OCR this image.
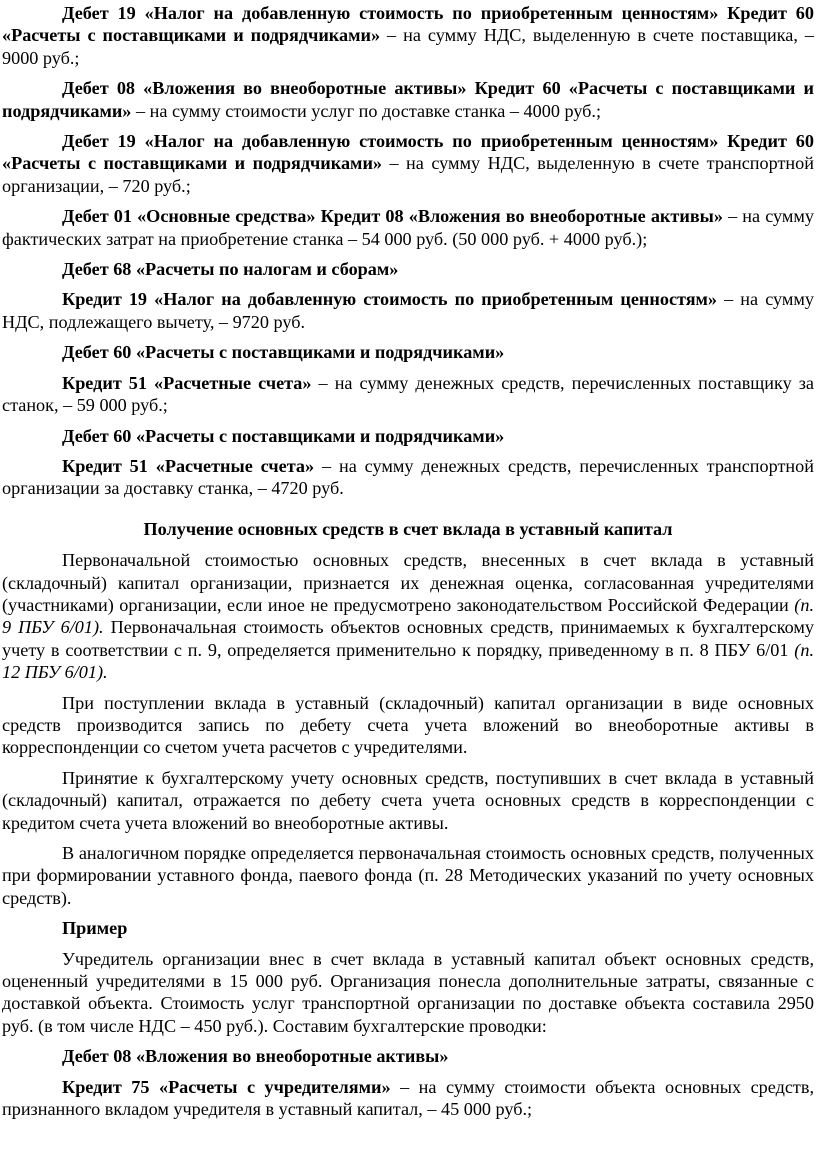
Дебет 19 «Налог на добавленную стоимость по приобретенным ценностям» Кредит 60 «Расчеты с поставщиками и подрядчиками» – на сумму НДС, выделенную в счете поставщика, – 9000 руб.;

Дебет 08 «Вложения во внеоборотные активы» Кредит 60 «Расчеты с поставщиками и подрядчиками» – на сумму стоимости услуг по доставке станка – 4000 руб.;

Дебет 19 «Налог на добавленную стоимость по приобретенным ценностям» Кредит 60 «Расчеты с поставщиками и подрядчиками» – на сумму НДС, выделенную в счете транспортной организации, – 720 руб.;

Дебет 01 «Основные средства» Кредит 08 «Вложения во внеоборотные активы» – на сумму фактических затрат на приобретение станка – 54 000 руб. (50 000 руб. + 4000 руб.);

Дебет 68 «Расчеты по налогам и сборам»

Кредит 19 «Налог на добавленную стоимость по приобретенным ценностям» – на сумму НДС, подлежащего вычету, – 9720 руб.

Дебет 60 «Расчеты с поставщиками и подрядчиками»

Кредит 51 «Расчетные счета» – на сумму денежных средств, перечисленных поставщику за станок, – 59 000 руб.;

Дебет 60 «Расчеты с поставщиками и подрядчиками»

Кредит 51 «Расчетные счета» – на сумму денежных средств, перечисленных транспортной организации за доставку станка, – 4720 руб.

Получение основных средств в счет вклада в уставный капитал

Первоначальной стоимостью основных средств, внесенных в счет вклада в уставный (складочный) капитал организации, признается их денежная оценка, согласованная учредителями (участниками) организации, если иное не предусмотрено законодательством Российской Федерации (п. 9 ПБУ 6/01). Первоначальная стоимость объектов основных средств, принимаемых к бухгалтерскому учету в соответствии с п. 9, определяется применительно к порядку, приведенному в п. 8 ПБУ 6/01 (п. 12 ПБУ 6/01).

При поступлении вклада в уставный (складочный) капитал организации в виде основных средств производится запись по дебету счета учета вложений во внеоборотные активы в корреспонденции со счетом учета расчетов с учредителями.

Принятие к бухгалтерскому учету основных средств, поступивших в счет вклада в уставный (складочный) капитал, отражается по дебету счета учета основных средств в корреспонденции с кредитом счета учета вложений во внеоборотные активы.

В аналогичном порядке определяется первоначальная стоимость основных средств, полученных при формировании уставного фонда, паевого фонда (п. 28 Методических указаний по учету основных средств).

Пример

Учредитель организации внес в счет вклада в уставный капитал объект основных средств, оцененный учредителями в 15 000 руб. Организация понесла дополнительные затраты, связанные с доставкой объекта. Стоимость услуг транспортной организации по доставке объекта составила 2950 руб. (в том числе НДС – 450 руб.). Составим бухгалтерские проводки:

Дебет 08 «Вложения во внеоборотные активы»

Кредит 75 «Расчеты с учредителями» – на сумму стоимости объекта основных средств, признанного вкладом учредителя в уставный капитал, – 45 000 руб.;
